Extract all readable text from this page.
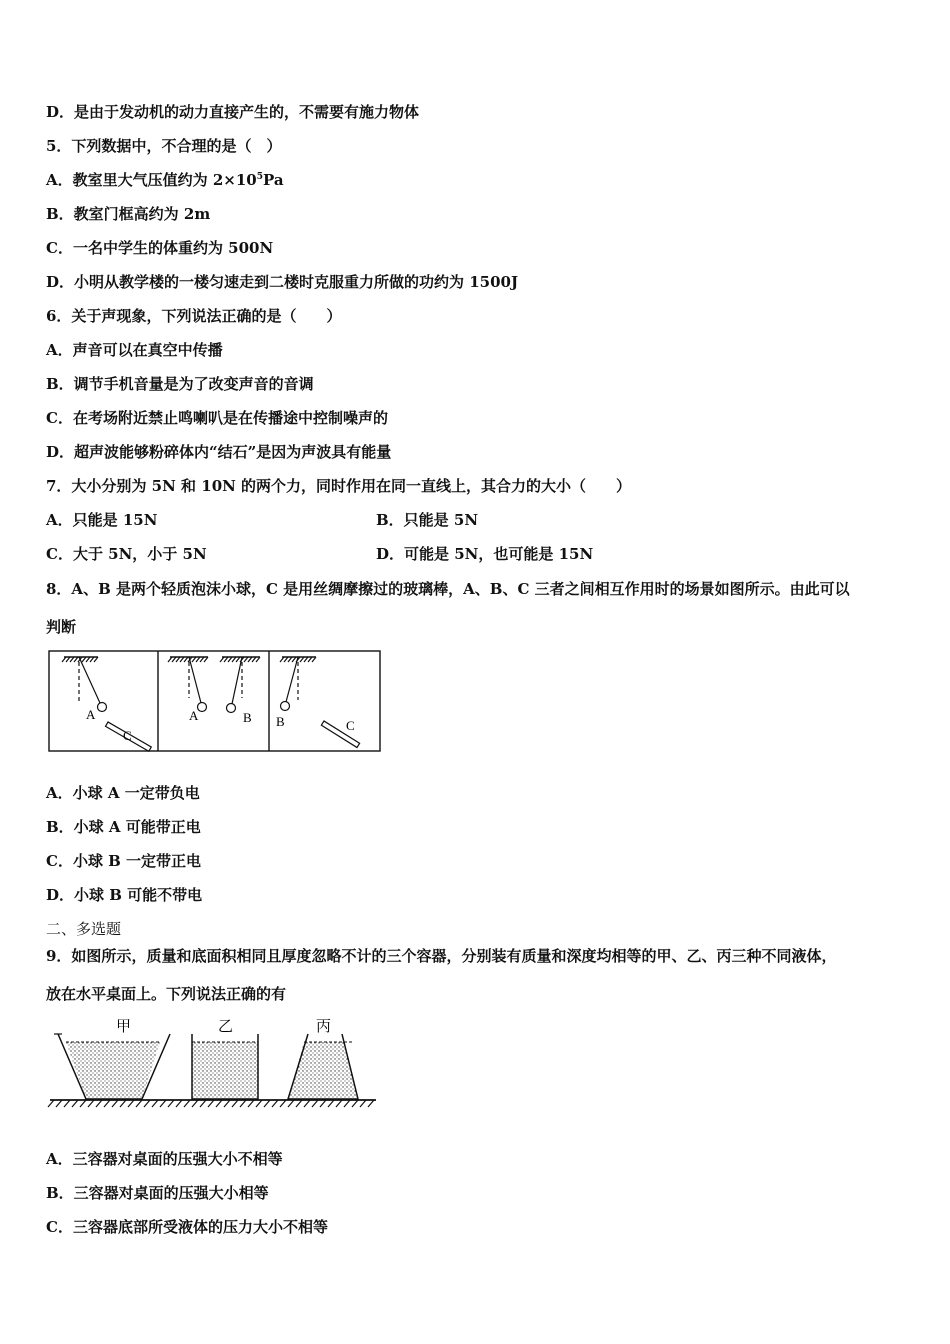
D．是由于发动机的动力直接产生的，不需要有施力物体
5．下列数据中，不合理的是（　）
A．教室里大气压值约为 $2\times 10^5Pa$
B．教室门框高约为 2m
C．一名中学生的体重约为 500N
D．小明从教学楼的一楼匀速走到二楼时克服重力所做的功约为 1500J
6．关于声现象，下列说法正确的是（　　）
A．声音可以在真空中传播
B．调节手机音量是为了改变声音的音调
C．在考场附近禁止鸣喇叭是在传播途中控制噪声的
D．超声波能够粉碎体内“结石”是因为声波具有能量
7．大小分别为 5N 和 10N 的两个力，同时作用在同一直线上，其合力的大小（　　）
A．只能是 15N	B．只能是 5N
C．大于 5N，小于 5N	D．可能是 5N，也可能是 15N
8．A、B 是两个轻质泡沫小球，C 是用丝绸摩擦过的玻璃棒，A、B、C 三者之间相互作用时的场景如图所示。由此可以
判断
A
C
A	B B	C
A．小球 A 一定带负电
B．小球 A 可能带正电
C．小球 B 一定带正电
D．小球 B 可能不带电
二、多选题
9．如图所示，质量和底面积相同且厚度忽略不计的三个容器，分别装有质量和深度均相等的甲、乙、丙三种不同液体，
放在水平桌面上。下列说法正确的有
甲	乙	丙
A．三容器对桌面的压强大小不相等
B．三容器对桌面的压强大小相等
C．三容器底部所受液体的压力大小不相等
